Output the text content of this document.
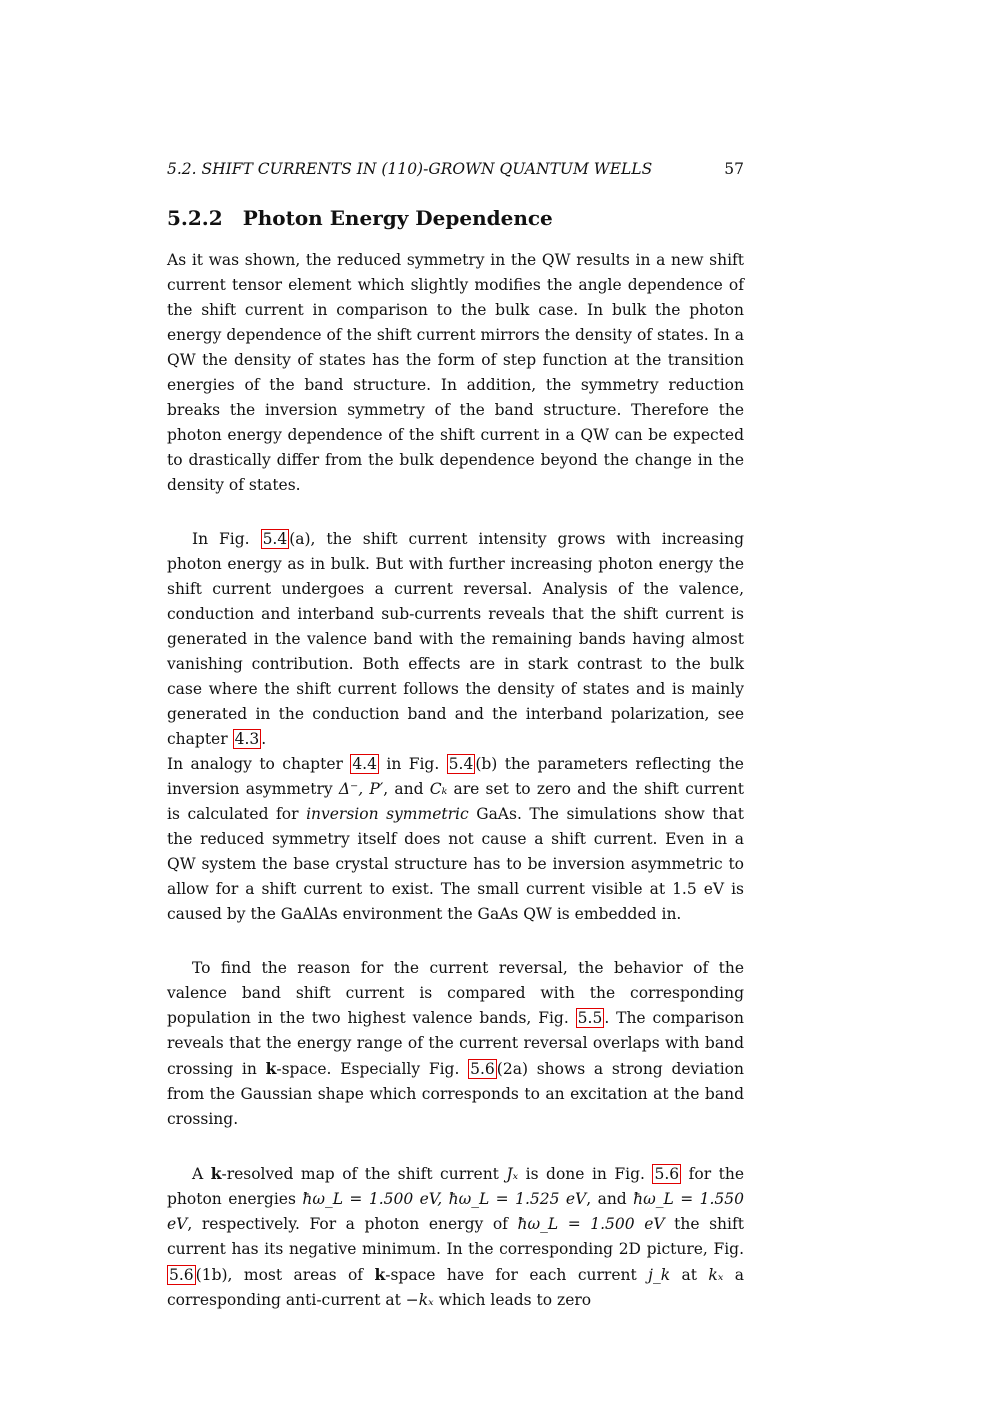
5.2. SHIFT CURRENTS IN (110)-GROWN QUANTUM WELLS	57
5.2.2 Photon Energy Dependence

As it was shown, the reduced symmetry in the QW results in a new shift current tensor element which slightly modifies the angle dependence of the shift current in comparison to the bulk case. In bulk the photon energy dependence of the shift current mirrors the density of states. In a QW the density of states has the form of step function at the transition energies of the band structure. In addition, the symmetry reduction breaks the inversion symmetry of the band structure. Therefore the photon energy dependence of the shift current in a QW can be expected to drastically differ from the bulk dependence beyond the change in the density of states.

In Fig. 5.4 (a), the shift current intensity grows with increasing photon energy as in bulk. But with further increasing photon energy the shift current undergoes a current reversal. Analysis of the valence, conduction and interband sub-currents reveals that the shift current is generated in the valence band with the remaining bands having almost vanishing contribution. Both effects are in stark contrast to the bulk case where the shift current follows the density of states and is mainly generated in the conduction band and the interband polarization, see chapter 4.3 .

In analogy to chapter 4.4 in Fig. 5.4 (b) the parameters reflecting the inversion asymmetry Δ⁻, P′, and Cₖ are set to zero and the shift current is calculated for inversion symmetric GaAs. The simulations show that the reduced symmetry itself does not cause a shift current. Even in a QW system the base crystal structure has to be inversion asymmetric to allow for a shift current to exist. The small current visible at 1.5 eV is caused by the GaAlAs environment the GaAs QW is embedded in.

To find the reason for the current reversal, the behavior of the valence band shift current is compared with the corresponding population in the two highest valence bands, Fig. 5.5 . The comparison reveals that the energy range of the current reversal overlaps with band crossing in k-space. Especially Fig. 5.6 (2a) shows a strong deviation from the Gaussian shape which corresponds to an excitation at the band crossing.

A k-resolved map of the shift current Jₓ is done in Fig. 5.6 for the photon energies ħω_L = 1.500 eV, ħω_L = 1.525 eV, and ħω_L = 1.550 eV, respectively. For a photon energy of ħω_L = 1.500 eV the shift current has its negative minimum. In the corresponding 2D picture, Fig. 5.6 (1b), most areas of k-space have for each current j_k at kₓ a corresponding anti-current at −kₓ which leads to zero
